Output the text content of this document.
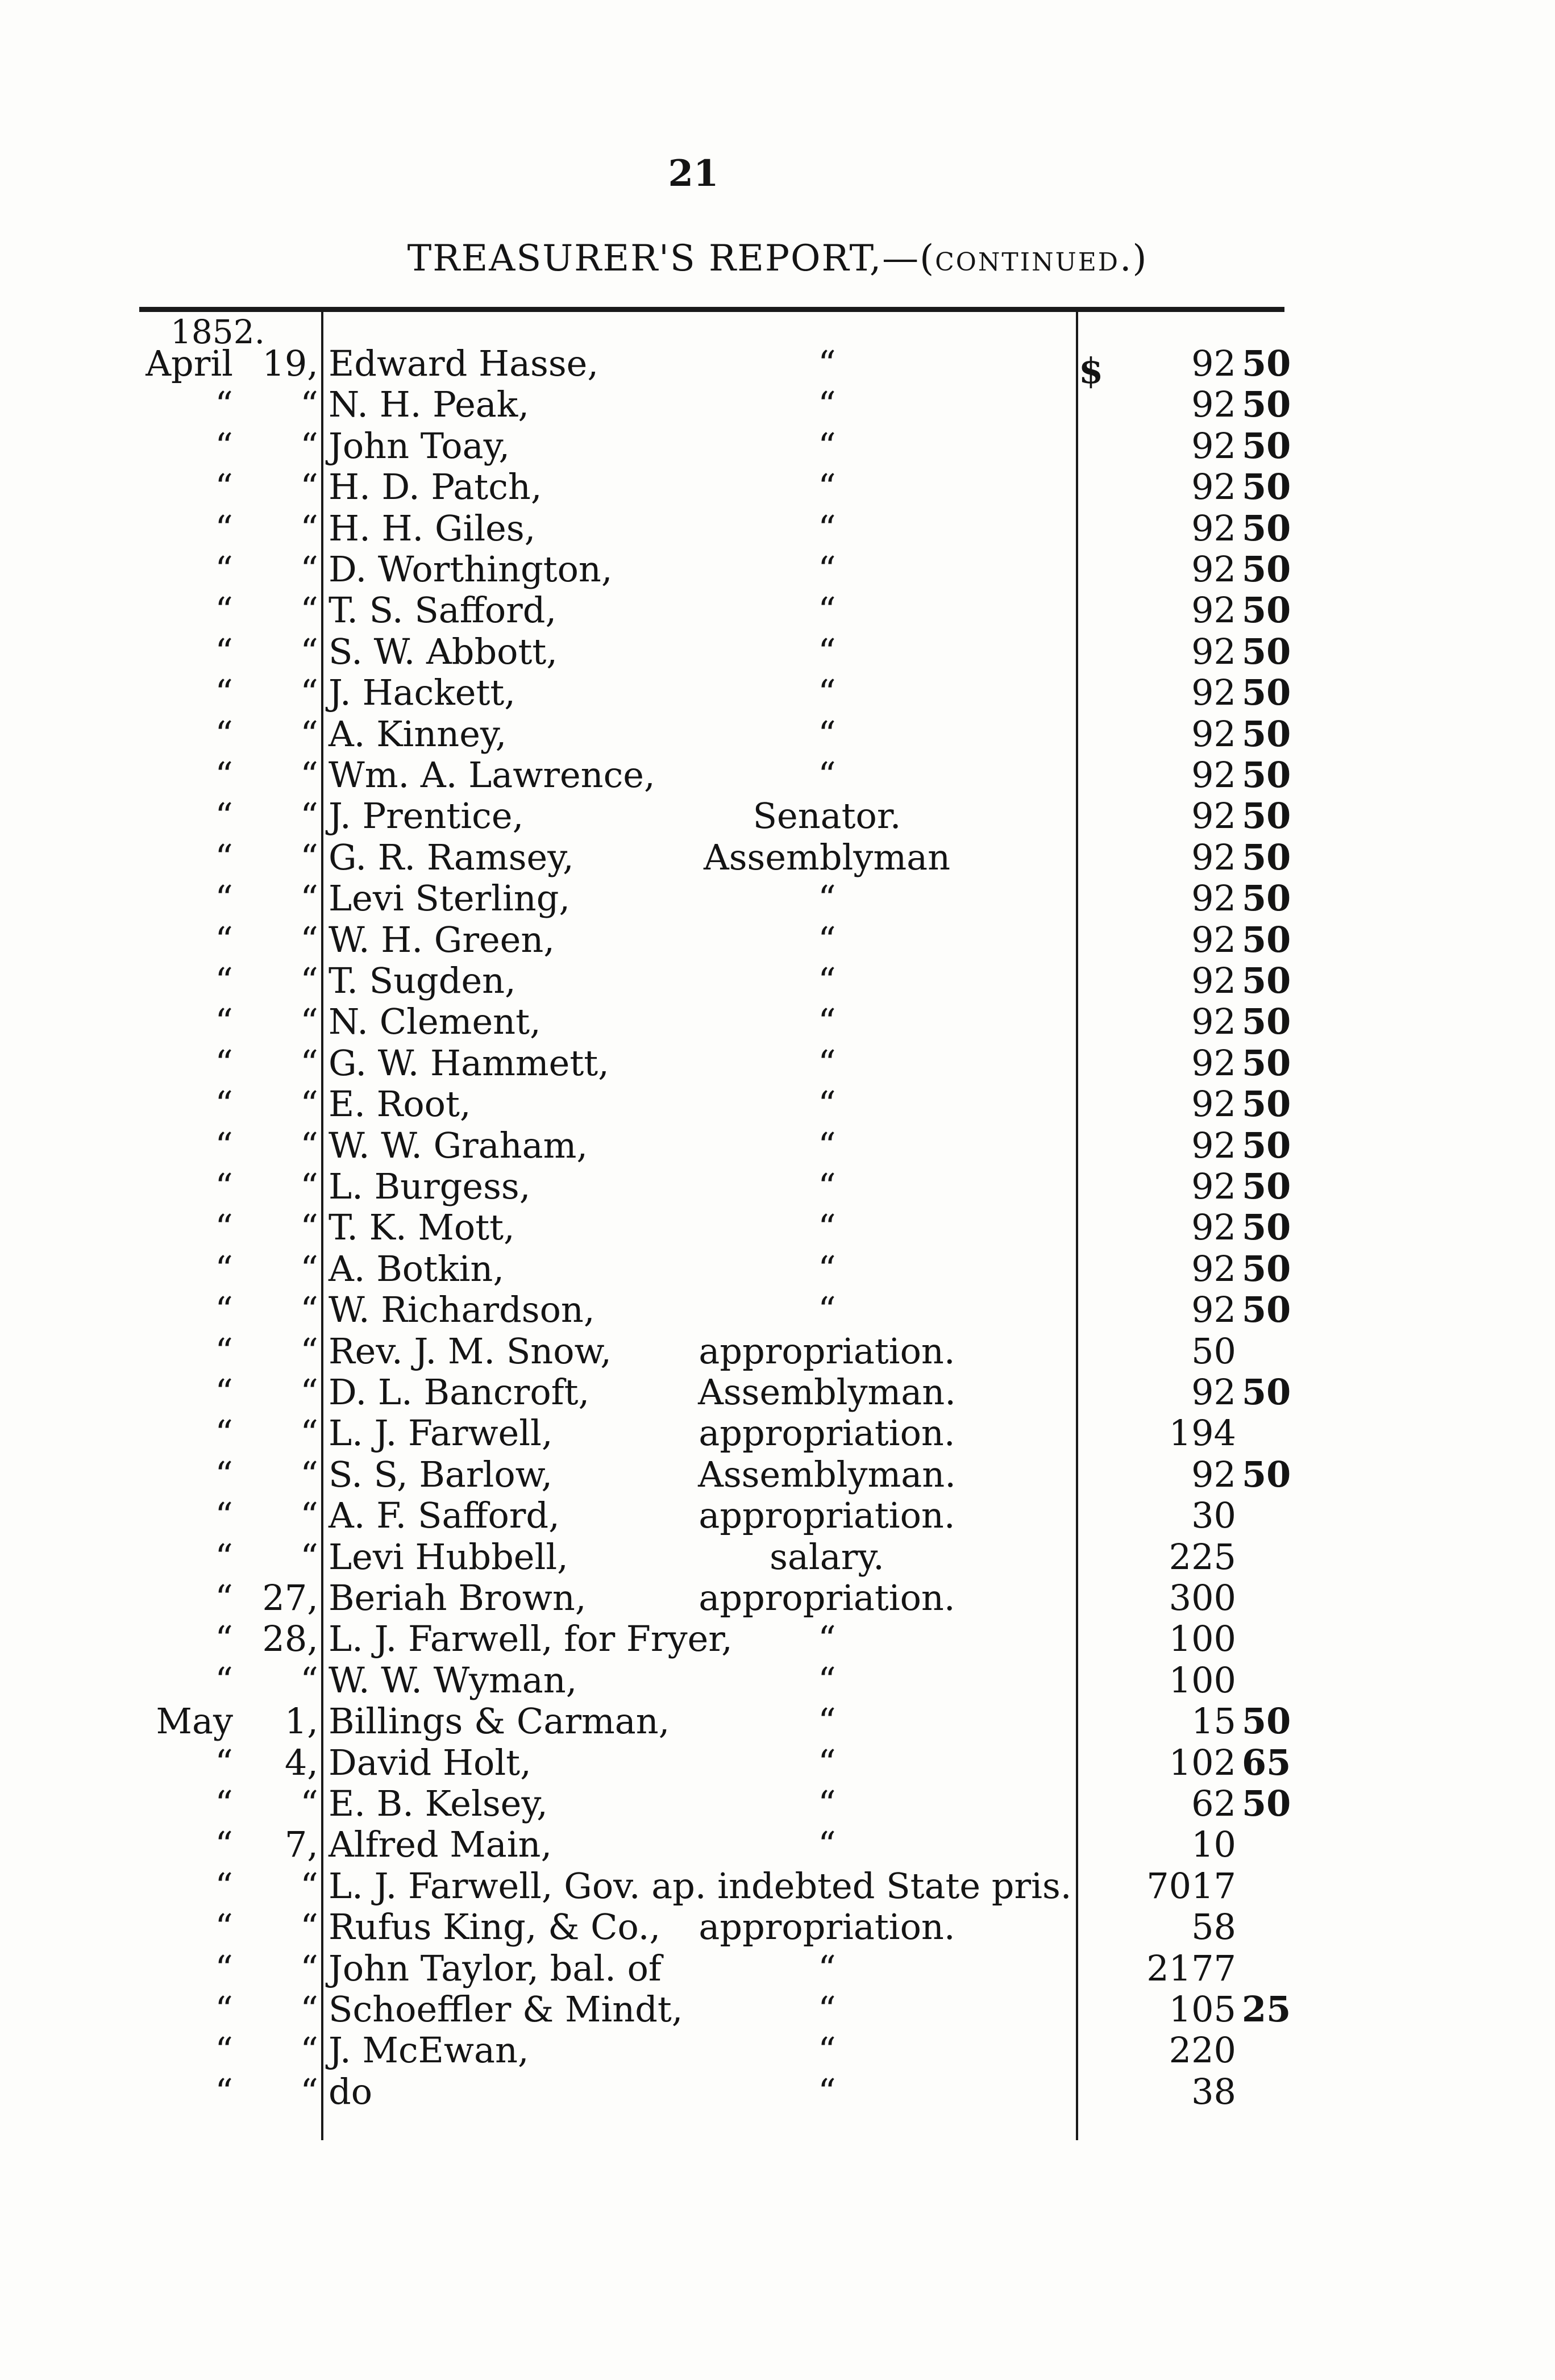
21
TREASURER'S REPORT,—(CONTINUED.)
1852.
$
April 19, Edward Hasse,	“	92 50
“	“ N. H. Peak,	“	92 50
“	“ John Toay,	“	92 50
“	“ H. D. Patch,	“	92 50
“	“ H. H. Giles,	“	92 50
“	“ D. Worthington,	“	92 50
“	“ T. S. Safford,	“	92 50
“	“ S. W. Abbott,	“	92 50
“	“ J. Hackett,	“	92 50
“	“ A. Kinney,	“	92 50
“	“ Wm. A. Lawrence,	“	92 50
“	“ J. Prentice,	Senator.	92 50
“	“ G. R. Ramsey,	Assemblyman	92 50
“	“ Levi Sterling,	“	92 50
“	“ W. H. Green,	“	92 50
“	“ T. Sugden,	“	92 50
“	“ N. Clement,	“	92 50
“	“ G. W. Hammett,	“	92 50
“	“ E. Root,	“	92 50
“	“ W. W. Graham,	“	92 50
“	“ L. Burgess,	“	92 50
“	“ T. K. Mott,	“	92 50
“	“ A. Botkin,	“	92 50
“	“ W. Richardson,	“	92 50
“	“ Rev. J. M. Snow,	appropriation.	50
“	“ D. L. Bancroft,	Assemblyman.	92 50
“	“ L. J. Farwell,	appropriation.	194
“	“ S. S, Barlow,	Assemblyman.	92 50
“	“ A. F. Safford,	appropriation.	30
“	“ Levi Hubbell,	salary.	225
“ 27, Beriah Brown,	appropriation.	300
“ 28, L. J. Farwell, for Fryer,	“	100
“	“ W. W. Wyman,	“	100
May	1, Billings & Carman,	“	15 50
“	4, David Holt,	“	102 65
“	“ E. B. Kelsey,	“	62 50
“	7, Alfred Main,	“	10
“	“ L. J. Farwell, Gov. ap. indebted State pris.	7017
“	“ Rufus King, & Co.,	appropriation.	58
“	“ John Taylor, bal. of	“	2177
“	“ Schoeffler & Mindt,	“	105 25
“	“ J. McEwan,	“	220
“	“ do	“	38
